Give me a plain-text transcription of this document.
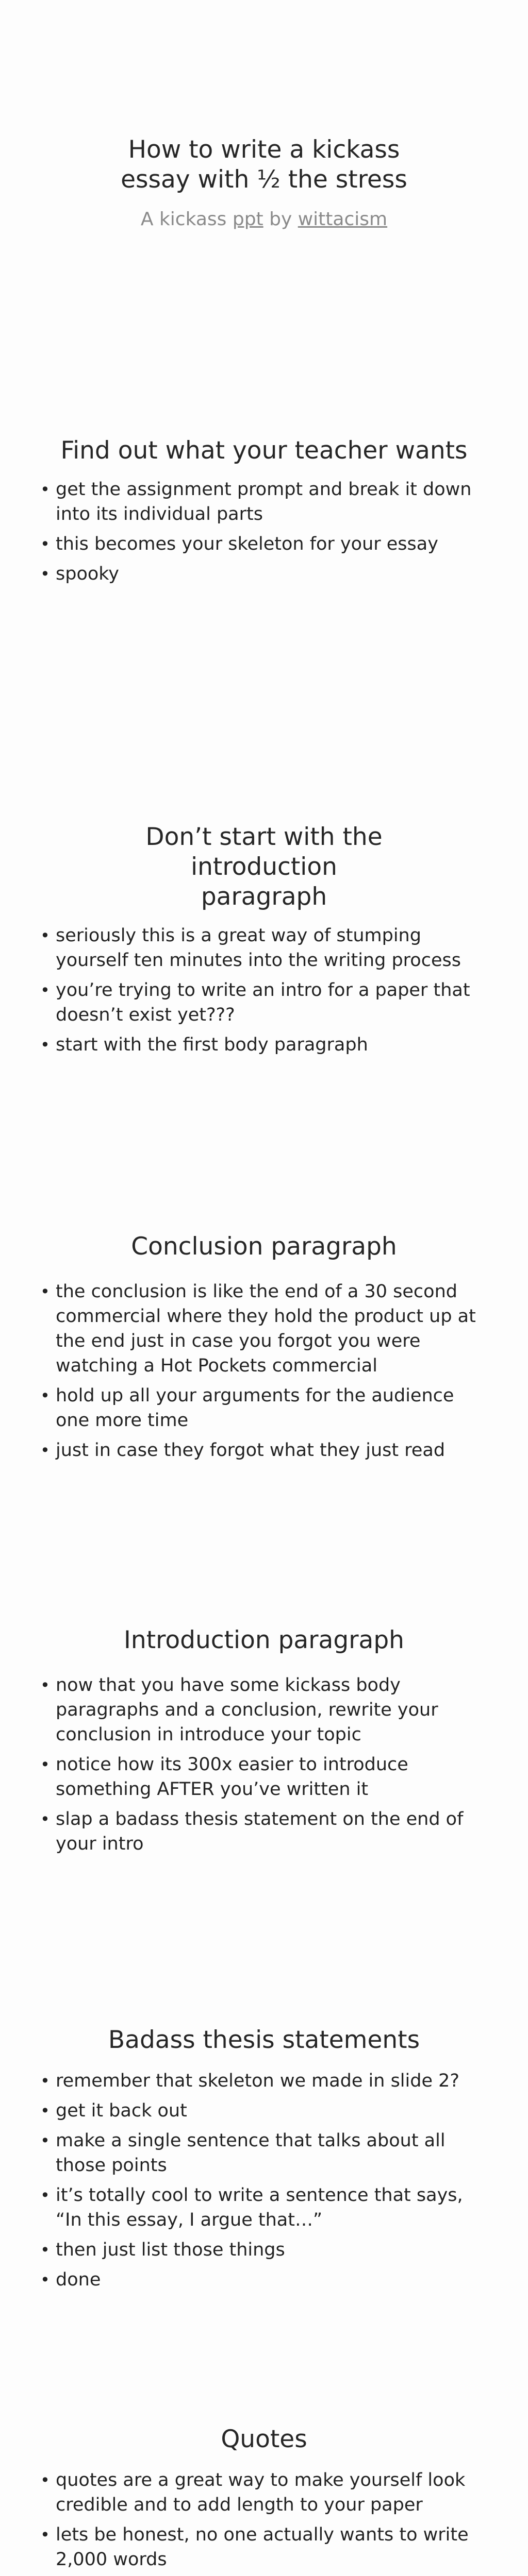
How to write a kickass essay with ½ the stress
A kickass ppt by wittacism
Find out what your teacher wants
• get the assignment prompt and break it down into its individual parts
• this becomes your skeleton for your essay
• spooky
Don’t start with the introduction paragraph
• seriously this is a great way of stumping yourself ten minutes into the writing process
• you’re trying to write an intro for a paper that doesn’t exist yet???
• start with the first body paragraph
Conclusion paragraph
• the conclusion is like the end of a 30 second commercial where they hold the product up at the end just in case you forgot you were watching a Hot Pockets commercial
• hold up all your arguments for the audience one more time
• just in case they forgot what they just read
Introduction paragraph
• now that you have some kickass body paragraphs and a conclusion, rewrite your conclusion in introduce your topic
• notice how its 300x easier to introduce something AFTER you’ve written it
• slap a badass thesis statement on the end of your intro
Badass thesis statements
• remember that skeleton we made in slide 2?
• get it back out
• make a single sentence that talks about all those points
• it’s totally cool to write a sentence that says, “In this essay, I argue that…”
• then just list those things
• done
Quotes
• quotes are a great way to make yourself look credible and to add length to your paper
• lets be honest, no one actually wants to write 2,000 words
